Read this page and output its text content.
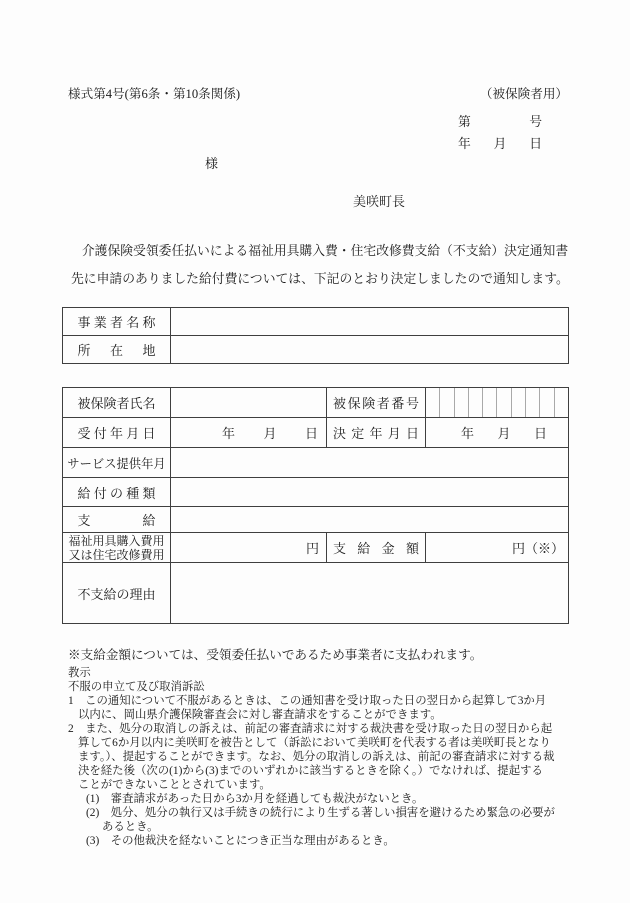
様式第4号(第6条・第10条関係)	（被保険者用）
第　号
年　月　日
様
美咲町長
介護保険受領委任払いによる福祉用具購入費・住宅改修費支給（不支給）決定通知書
先に申請のありました給付費については、下記のとおり決定しましたので通知します。
事業者名称	
所在地	
被保険者氏名		被保険者番号	

受付年月日	年　月　日	決定年月日	年　月　日
サービス提供年月			
給付の種類			
支給			

福祉用具購入費用
又は住宅改修費用	円	支給金額	円（※）
不支給の理由			
※支給金額については、受領委任払いであるため事業者に支払われます。
教示
不服の申立て及び取消訴訟
1　この通知について不服があるときは、この通知書を受け取った日の翌日から起算して3か月
以内に、岡山県介護保険審査会に対し審査請求をすることができます。
2　また、処分の取消しの訴えは、前記の審査請求に対する裁決書を受け取った日の翌日から起
算して6か月以内に美咲町を被告として（訴訟において美咲町を代表する者は美咲町長となり
ます。）、提起することができます。なお、処分の取消しの訴えは、前記の審査請求に対する裁
決を経た後（次の(1)から(3)までのいずれかに該当するときを除く。）でなければ、提起する
ことができないこととされています。
(1)　審査請求があった日から3か月を経過しても裁決がないとき。
(2)　処分、処分の執行又は手続きの続行により生ずる著しい損害を避けるため緊急の必要が
あるとき。
(3)　その他裁決を経ないことにつき正当な理由があるとき。
